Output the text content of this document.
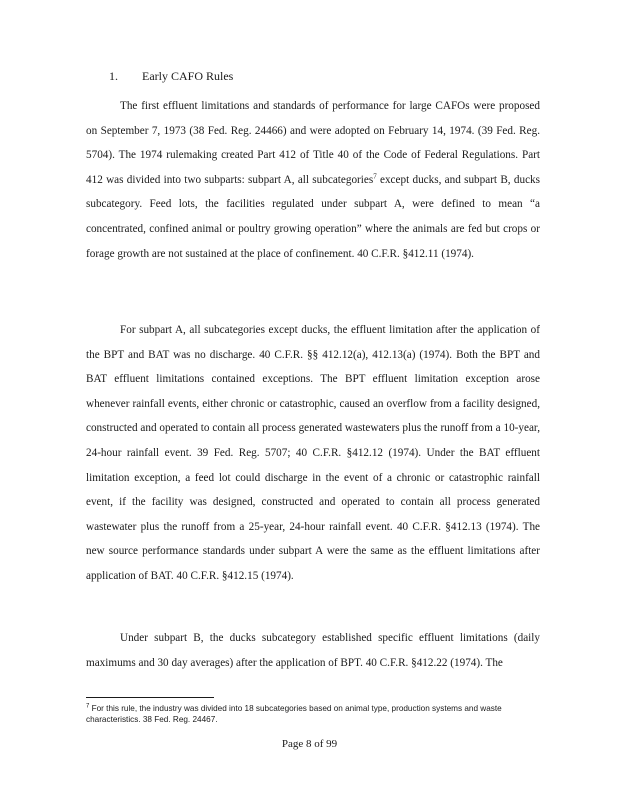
1. Early CAFO Rules

The first effluent limitations and standards of performance for large CAFOs were proposed on September 7, 1973 (38 Fed. Reg. 24466) and were adopted on February 14, 1974. (39 Fed. Reg. 5704). The 1974 rulemaking created Part 412 of Title 40 of the Code of Federal Regulations. Part 412 was divided into two subparts: subpart A, all subcategories$^7$ except ducks, and subpart B, ducks subcategory. Feed lots, the facilities regulated under subpart A, were defined to mean “a concentrated, confined animal or poultry growing operation” where the animals are fed but crops or forage growth are not sustained at the place of confinement. 40 C.F.R. §412.11 (1974).

For subpart A, all subcategories except ducks, the effluent limitation after the application of the BPT and BAT was no discharge. 40 C.F.R. §§ 412.12(a), 412.13(a) (1974). Both the BPT and BAT effluent limitations contained exceptions. The BPT effluent limitation exception arose whenever rainfall events, either chronic or catastrophic, caused an overflow from a facility designed, constructed and operated to contain all process generated wastewaters plus the runoff from a 10-year, 24-hour rainfall event. 39 Fed. Reg. 5707; 40 C.F.R. §412.12 (1974). Under the BAT effluent limitation exception, a feed lot could discharge in the event of a chronic or catastrophic rainfall event, if the facility was designed, constructed and operated to contain all process generated wastewater plus the runoff from a 25-year, 24-hour rainfall event. 40 C.F.R. §412.13 (1974). The new source performance standards under subpart A were the same as the effluent limitations after application of BAT. 40 C.F.R. §412.15 (1974).

Under subpart B, the ducks subcategory established specific effluent limitations (daily maximums and 30 day averages) after the application of BPT. 40 C.F.R. §412.22 (1974). The

$^7$ For this rule, the industry was divided into 18 subcategories based on animal type, production systems and waste characteristics. 38 Fed. Reg. 24467.

Page 8 of 99
